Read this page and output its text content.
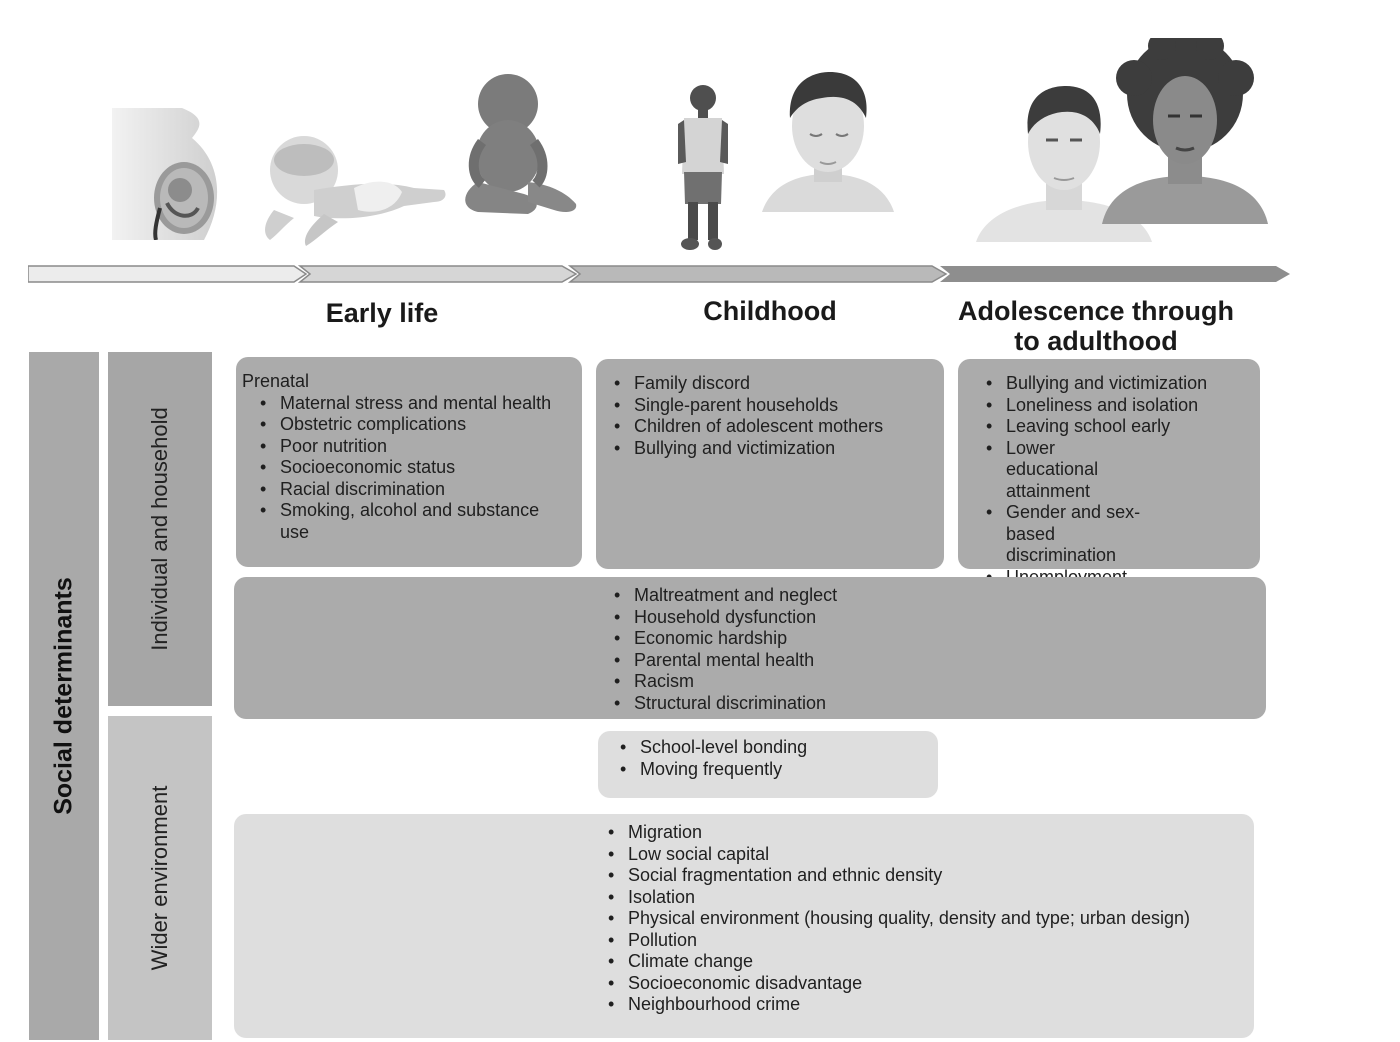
Early life	Childhood	Adolescence through to adulthood
Social determinants
Individual and household
Wider environment
Prenatal
• Maternal stress and mental health
• Obstetric complications
• Poor nutrition
• Socioeconomic status
• Racial discrimination
• Smoking, alcohol and substance use
• Family discord
• Single-parent households
• Children of adolescent mothers
• Bullying and victimization
• Bullying and victimization
• Loneliness and isolation
• Leaving school early
• Lower educational attainment
• Gender and sex-based discrimination
•
• Maltreatment and neglect
• Household dysfunction
• Economic hardship
• Parental mental health
• Racism
• Structural discrimination
• School-level bonding
• Moving frequently
• Migration
• Low social capital
• Social fragmentation and ethnic density
• Isolation
• Physical environment (housing quality, density and type; urban design)
• Pollution
• Climate change
• Socioeconomic disadvantage
• Neighbourhood crime
